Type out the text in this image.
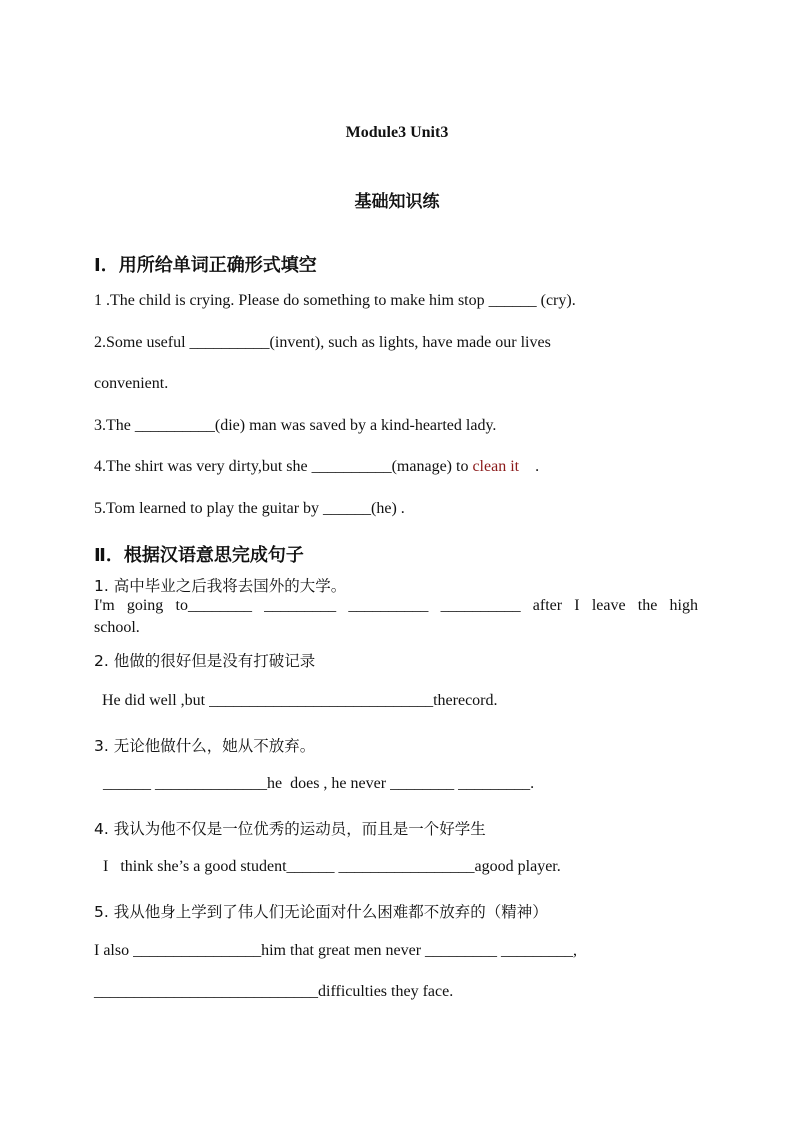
Module3 Unit3
基础知识练
Ⅰ．用所给单词正确形式填空
1 .The child is crying. Please do something to make him stop ______ (cry).
2.Some useful __________(invent), such as lights, have made our lives
convenient.
3.The __________(die) man was saved by a kind-hearted lady.
4.The shirt was very dirty,but she __________(manage) to clean it    .
5.Tom learned to play the guitar by ______(he) .
Ⅱ．根据汉语意思完成句子
1. 高中毕业之后我将去国外的大学。
I'm going to________ _________ __________ __________ after I leave the high
school.
2. 他做的很好但是没有打破记录
He did well ,but ____________________________therecord.
3. 无论他做什么，她从不放弃。
______ ______________he  does , he never ________ _________.
4. 我认为他不仅是一位优秀的运动员，而且是一个好学生
I   think she’s a good student______ _________________agood player.
5. 我从他身上学到了伟人们无论面对什么困难都不放弃的（精神）
I also ________________him that great men never _________ _________,
____________________________difficulties they face.
